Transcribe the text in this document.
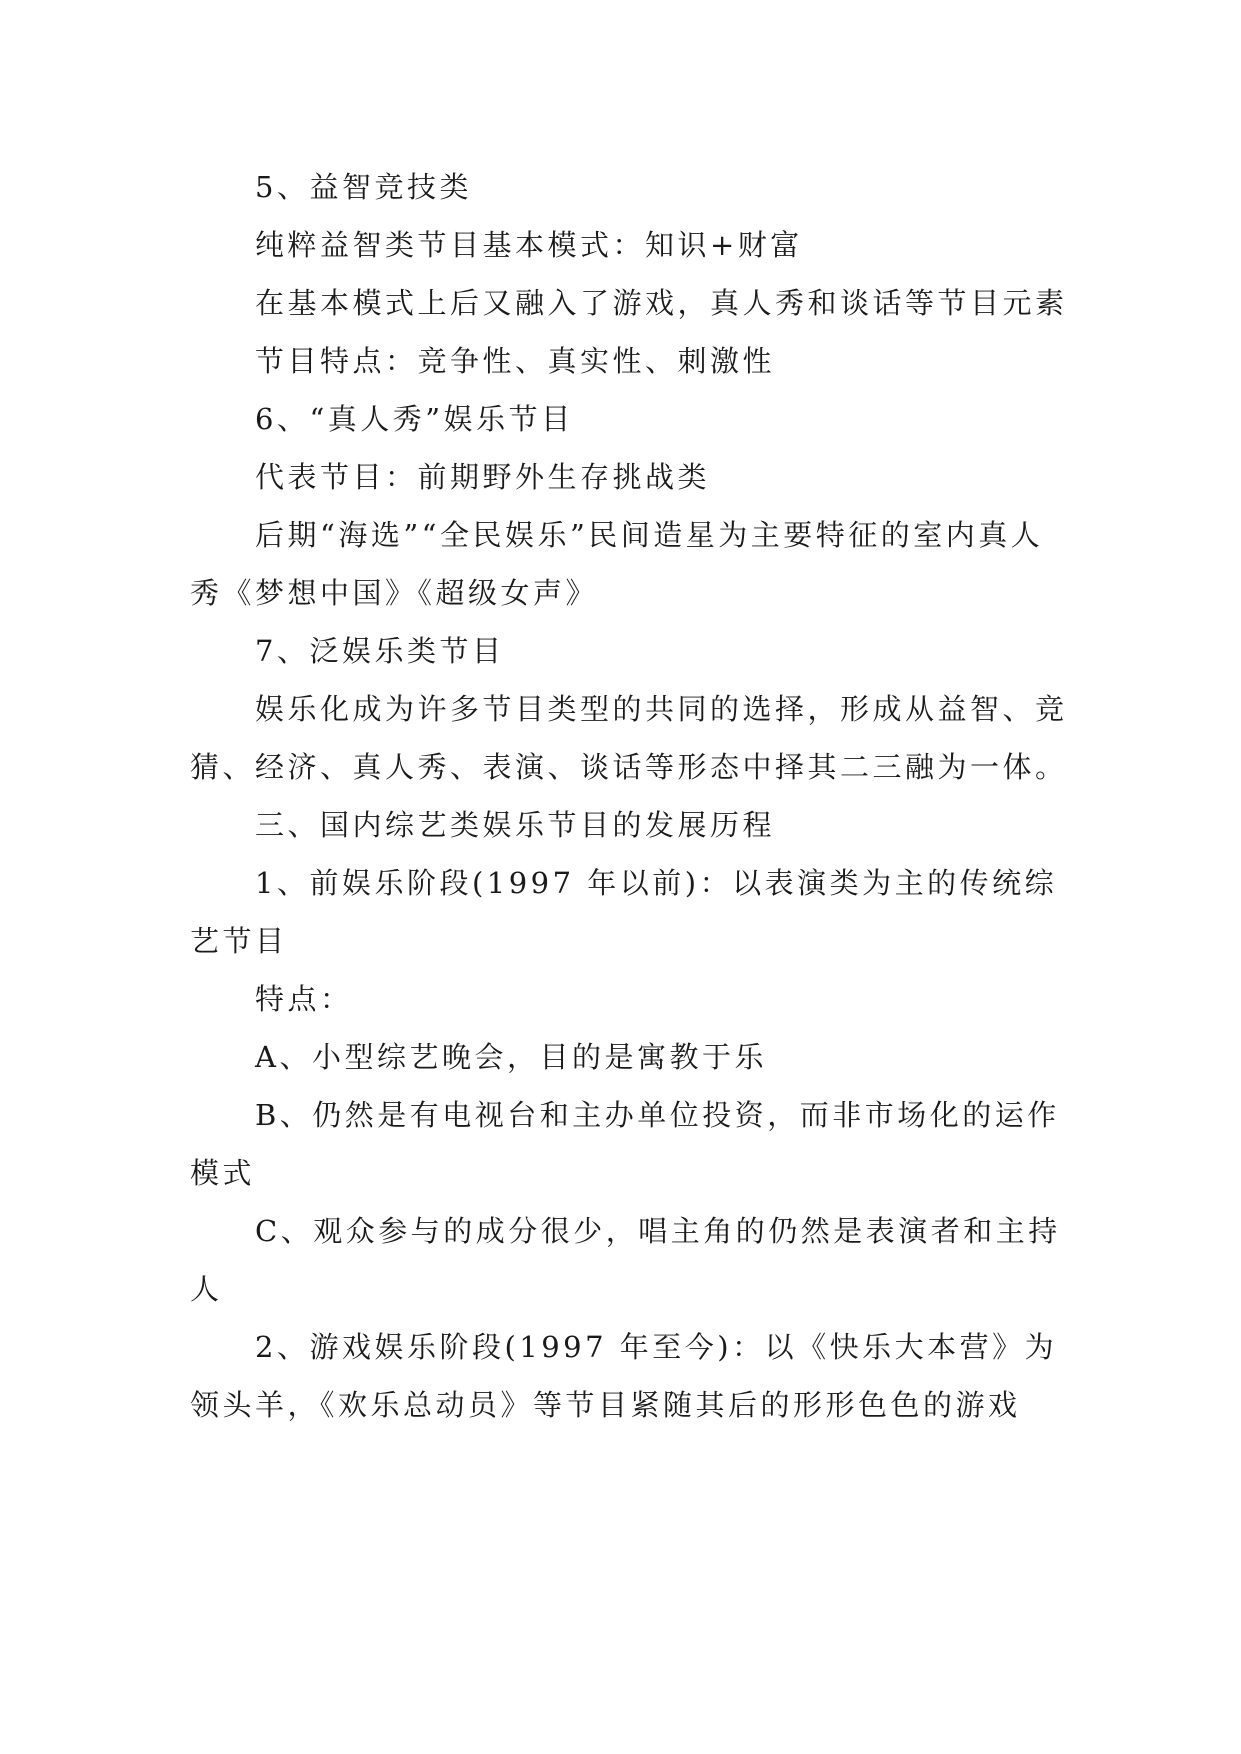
5、益智竞技类

纯粹益智类节目基本模式：知识+财富

在基本模式上后又融入了游戏，真人秀和谈话等节目元素

节目特点：竞争性、真实性、刺激性

6、“真人秀”娱乐节目

代表节目：前期野外生存挑战类

后期“海选”“全民娱乐”民间造星为主要特征的室内真人秀《梦想中国》《超级女声》

7、泛娱乐类节目

娱乐化成为许多节目类型的共同的选择，形成从益智、竞猜、经济、真人秀、表演、谈话等形态中择其二三融为一体。

三、国内综艺类娱乐节目的发展历程

1、前娱乐阶段(1997 年以前)：以表演类为主的传统综艺节目

特点：

A、小型综艺晚会，目的是寓教于乐

B、仍然是有电视台和主办单位投资，而非市场化的运作模式

C、观众参与的成分很少，唱主角的仍然是表演者和主持人

2、游戏娱乐阶段(1997 年至今)：以《快乐大本营》为领头羊，《欢乐总动员》等节目紧随其后的形形色色的游戏
